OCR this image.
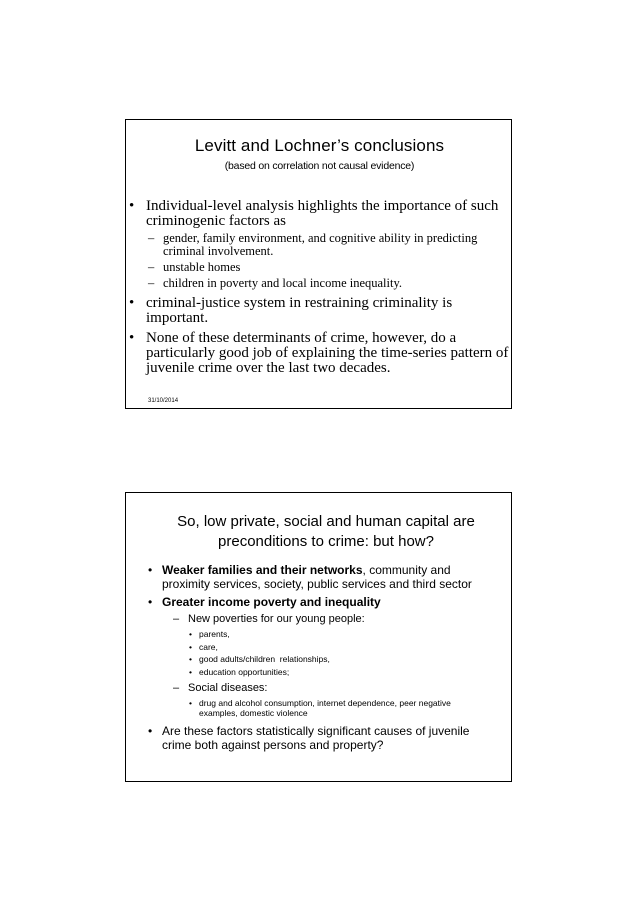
Levitt and Lochner’s conclusions
(based on correlation not causal evidence)
• Individual-level analysis highlights the importance of such criminogenic factors as
– gender, family environment, and cognitive ability in predicting criminal involvement.
– unstable homes
– children in poverty and local income inequality.
• criminal-justice system in restraining criminality is important.
• None of these determinants of crime, however, do a particularly good job of explaining the time-series pattern of juvenile crime over the last two decades.
31/10/2014
So, low private, social and human capital are preconditions to crime: but how?
• Weaker families and their networks, community and proximity services, society, public services and third sector
• Greater income poverty and inequality
– New poverties for our young people:
• parents,
• care,
• good adults/children  relationships,
• education opportunities;
– Social diseases:
• drug and alcohol consumption, internet dependence, peer negative examples, domestic violence
• Are these factors statistically significant causes of juvenile crime both against persons and property?
